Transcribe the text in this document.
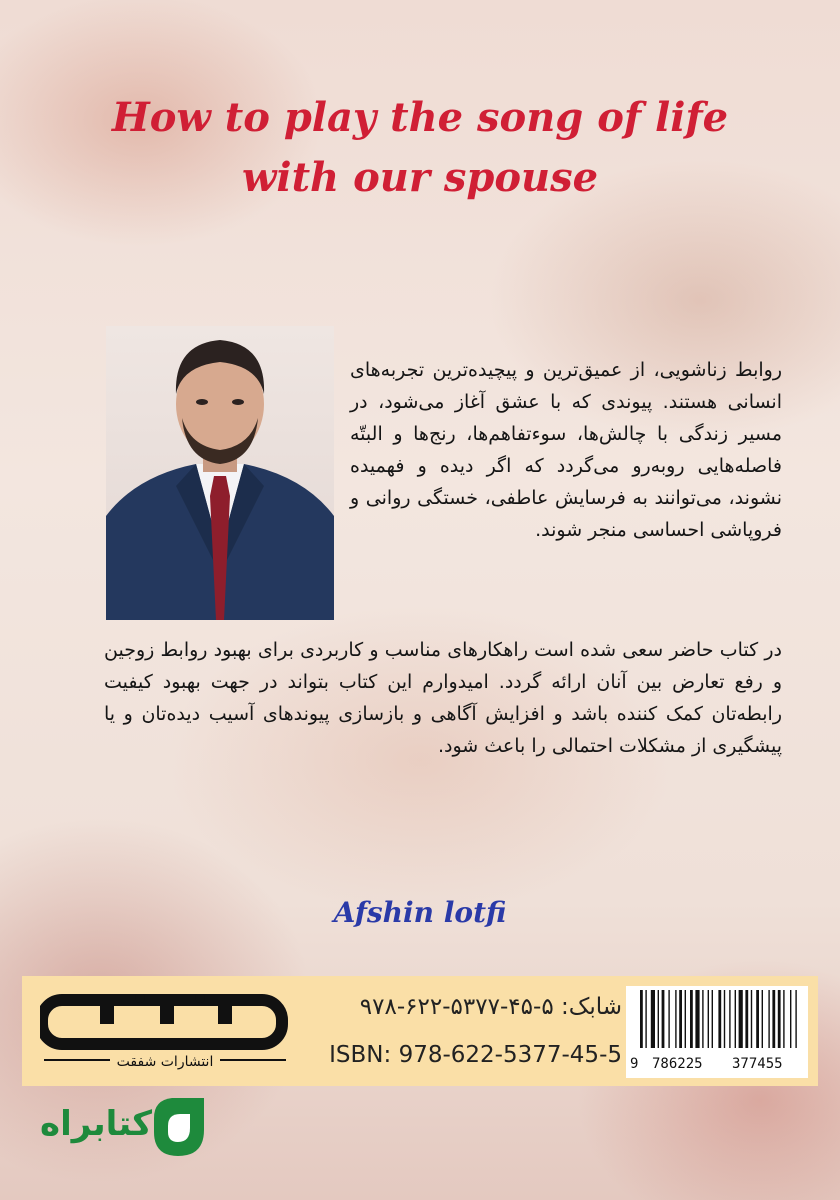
How to play the song of life with our spouse

روابط زناشویی، از عمیق‌ترین و پیچیده‌ترین تجربه‌های انسانی هستند. پیوندی که با عشق آغاز می‌شود، در مسیر زندگی با چالش‌ها، سوء‌تفاهم‌ها، رنج‌ها و البتّه فاصله‌هایی روبه‌رو می‌گردد که اگر دیده و فهمیده نشوند، می‌توانند به فرسایش عاطفی، خستگی روانی و فروپاشی احساسی منجر شوند.

در کتاب حاضر سعی شده است راهکارهای مناسب و کاربردی برای بهبود روابط زوجین و رفع تعارض بین آنان ارائه گردد. امیدوارم این کتاب بتواند در جهت بهبود کیفیت رابطه‌تان کمک کننده باشد و افزایش آگاهی و بازسازی پیوندهای آسیب دیده‌تان و یا پیشگیری از مشکلات احتمالی را باعث شود.

Afshin lotfi

انتشارات شفقت

شابک: ۵-۴۵-۵۳۷۷-۶۲۲-۹۷۸

ISBN: 978-622-5377-45-5 9 786225 377455
کتابراه
